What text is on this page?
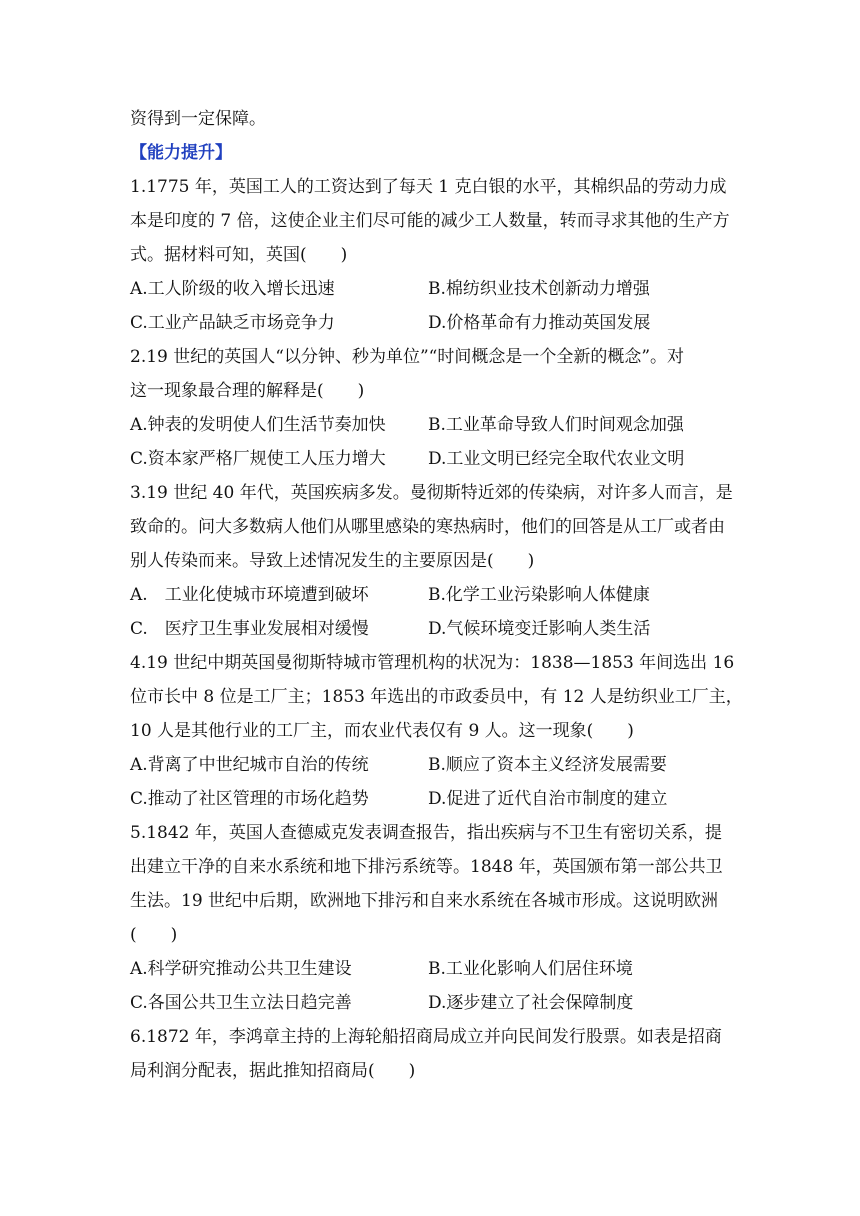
资得到一定保障。
【能力提升】
1.1775 年，英国工人的工资达到了每天 1 克白银的水平，其棉织品的劳动力成
本是印度的 7 倍，这使企业主们尽可能的减少工人数量，转而寻求其他的生产方
式。据材料可知，英国(　　)
A.工人阶级的收入增长迅速	B.棉纺织业技术创新动力增强
C.工业产品缺乏市场竞争力	D.价格革命有力推动英国发展
2.19 世纪的英国人“以分钟、秒为单位”“时间概念是一个全新的概念”。对
这一现象最合理的解释是(　　)
A.钟表的发明使人们生活节奏加快 B.工业革命导致人们时间观念加强
C.资本家严格厂规使工人压力增大 D.工业文明已经完全取代农业文明
3.19 世纪 40 年代，英国疾病多发。曼彻斯特近郊的传染病，对许多人而言，是
致命的。问大多数病人他们从哪里感染的寒热病时，他们的回答是从工厂或者由
别人传染而来。导致上述情况发生的主要原因是(　　)
A.　工业化使城市环境遭到破坏	B.化学工业污染影响人体健康
C.　医疗卫生事业发展相对缓慢	D.气候环境变迁影响人类生活
4.19 世纪中期英国曼彻斯特城市管理机构的状况为：1838—1853 年间选出 16
位市长中 8 位是工厂主；1853 年选出的市政委员中，有 12 人是纺织业工厂主，
10 人是其他行业的工厂主，而农业代表仅有 9 人。这一现象(　　)
A.背离了中世纪城市自治的传统	B.顺应了资本主义经济发展需要
C.推动了社区管理的市场化趋势	D.促进了近代自治市制度的建立
5.1842 年，英国人查德威克发表调查报告，指出疾病与不卫生有密切关系，提
出建立干净的自来水系统和地下排污系统等。1848 年，英国颁布第一部公共卫
生法。19 世纪中后期，欧洲地下排污和自来水系统在各城市形成。这说明欧洲
(　　)
A.科学研究推动公共卫生建设	B.工业化影响人们居住环境
C.各国公共卫生立法日趋完善	D.逐步建立了社会保障制度
6.1872 年，李鸿章主持的上海轮船招商局成立并向民间发行股票。如表是招商
局利润分配表，据此推知招商局(　　)
